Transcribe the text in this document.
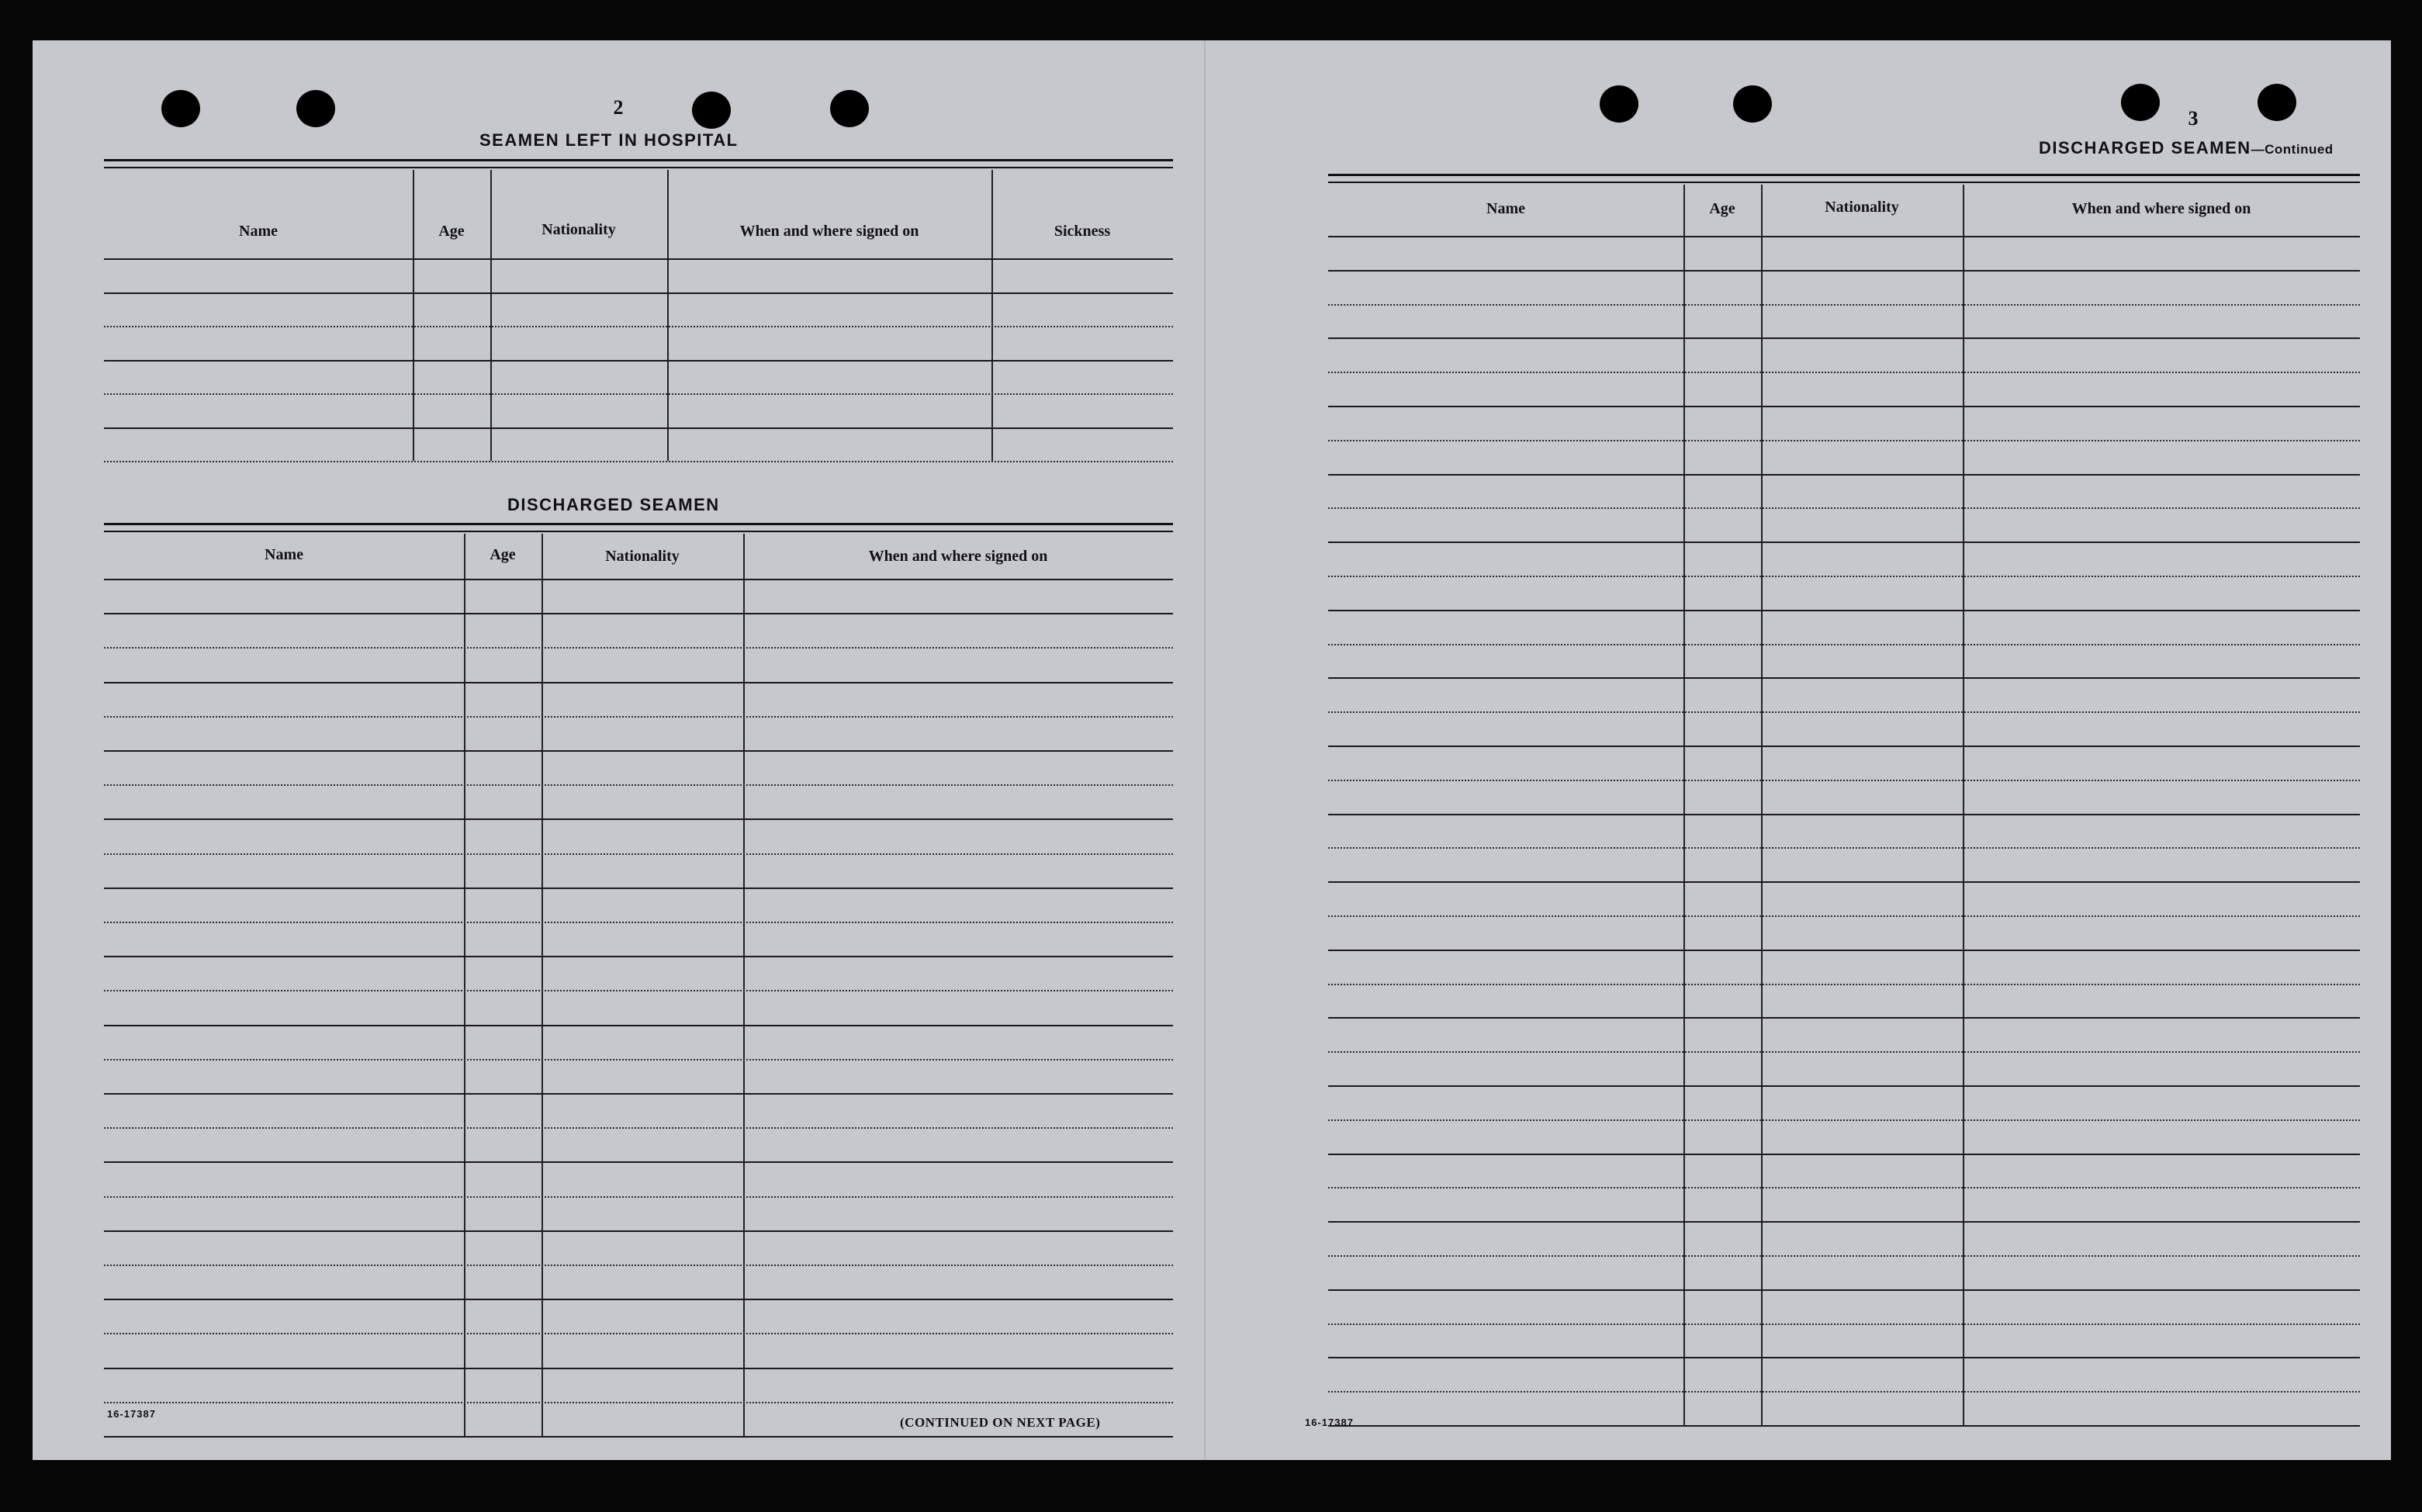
2
SEAMEN LEFT IN HOSPITAL
Name	Age	Nationality	When and where signed on	Sickness
DISCHARGED SEAMEN
Name	Age	Nationality	When and where signed on
16-17387
(CONTINUED ON NEXT PAGE)
3
DISCHARGED SEAMEN—Continued
Name	Age	Nationality	When and where signed on
16-17387
